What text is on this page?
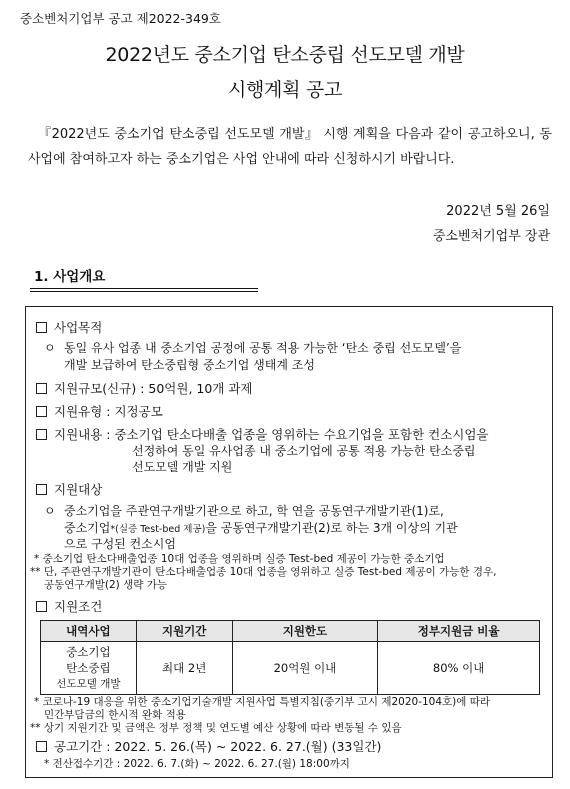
중소벤처기업부 공고 제2022-349호
2022년도 중소기업 탄소중립 선도모델 개발
시행계획 공고

『2022년도 중소기업 탄소중립 선도모델 개발』 시행 계획을 다음과 같이 공고하오니, 동 사업에 참여하고자 하는 중소기업은 사업 안내에 따라 신청하시기 바랍니다.

2022년 5월 26일
중소벤처기업부 장관
1. 사업개요
사업목적
ㅇ 동일 유사 업종 내 중소기업 공정에 공통 적용 가능한 ‘탄소 중립 선도모델’을
개발 보급하여 탄소중립형 중소기업 생태계 조성
지원규모(신규) : 50억원, 10개 과제
지원유형 : 지정공모
지원내용 : 중소기업 탄소다배출 업종을 영위하는 수요기업을 포함한 컨소시엄을
선정하여 동일 유사업종 내 중소기업에 공통 적용 가능한 탄소중립
선도모델 개발 지원
지원대상
ㅇ 중소기업을 주관연구개발기관으로 하고, 학 연을 공동연구개발기관(1)로,
중소기업*(실증 Test-bed 제공)을 공동연구개발기관(2)로 하는 3개 이상의 기관
으로 구성된 컨소시엄
* 중소기업 탄소다배출업종 10대 업종을 영위하며 실증 Test-bed 제공이 가능한 중소기업
** 단, 주관연구개발기관이 탄소다배출업종 10대 업종을 영위하고 실증 Test-bed 제공이 가능한 경우,
공동연구개발(2) 생략 가능
지원조건
내역사업	지원기간	지원한도	정부지원금 비율

중소기업
탄소중립
선도모델 개발	최대 2년	20억원 이내	80% 이내
* 코로나-19 대응을 위한 중소기업기술개발 지원사업 특별지침(중기부 고시 제2020-104호)에 따라
민간부담금의 한시적 완화 적용
** 상기 지원기간 및 금액은 정부 정책 및 연도별 예산 상황에 따라 변동될 수 있음
공고기간 : 2022. 5. 26.(목) ~ 2022. 6. 27.(월) (33일간)
* 전산접수기간 : 2022. 6. 7.(화) ~ 2022. 6. 27.(월) 18:00까지
